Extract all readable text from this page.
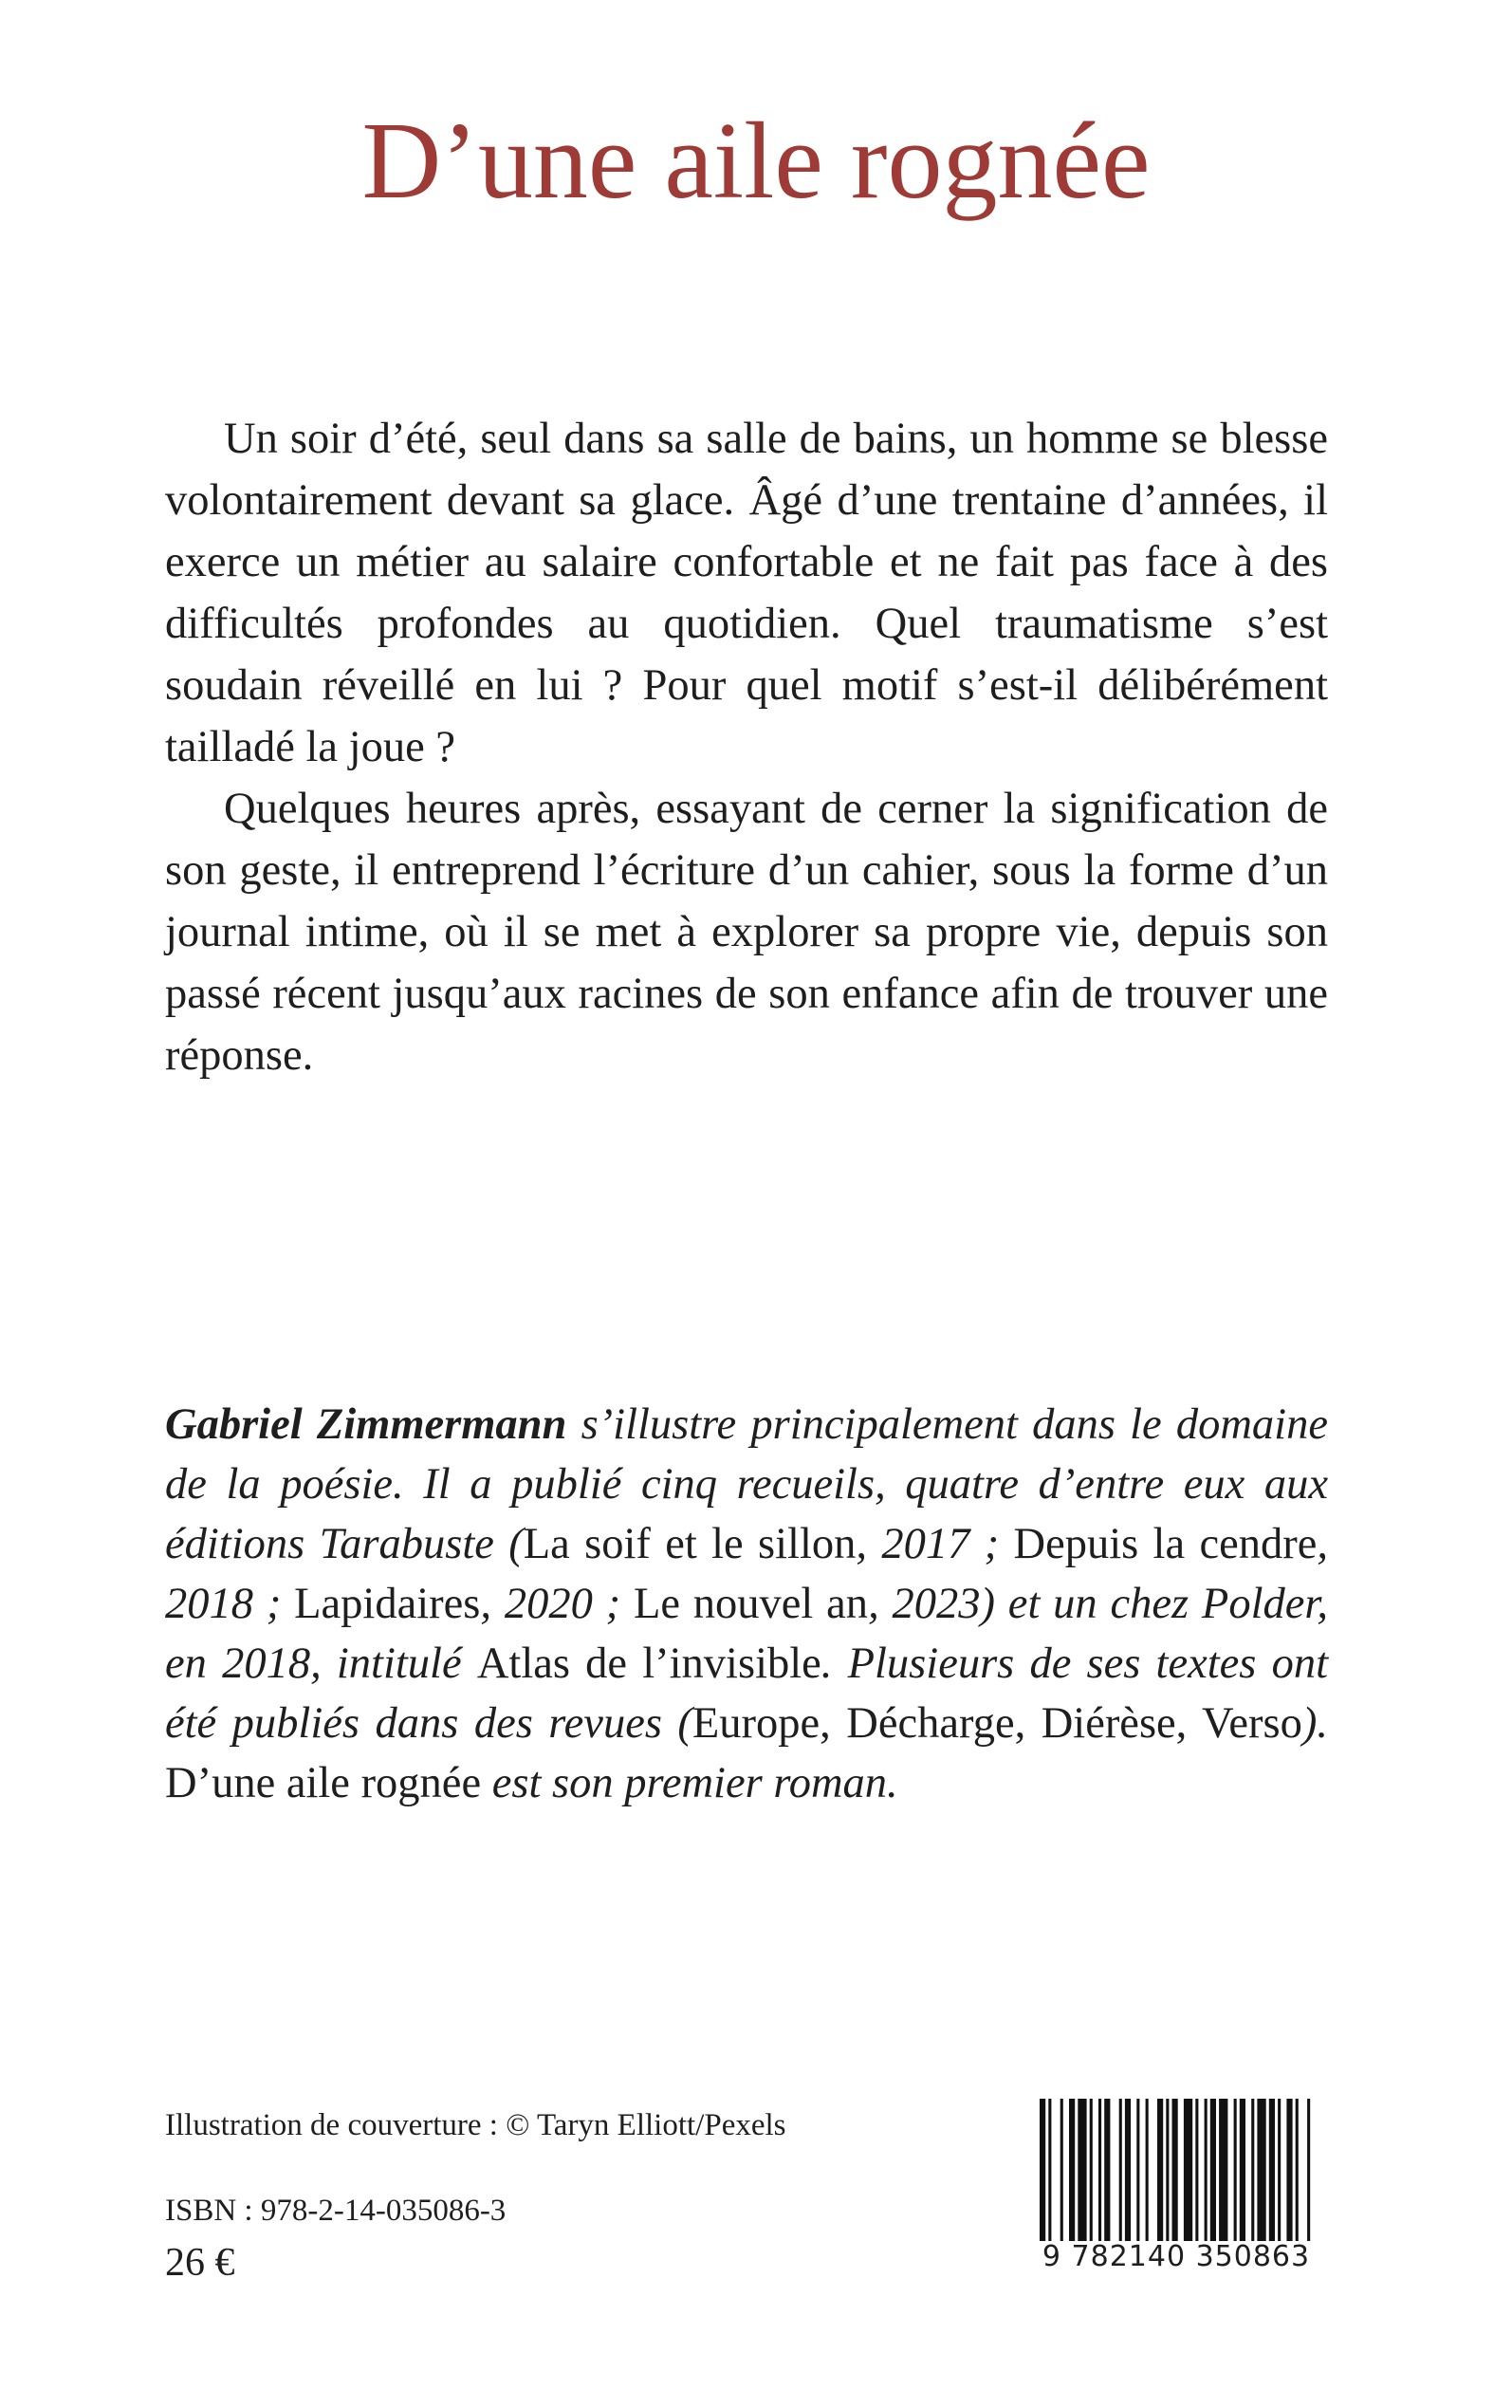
D’une aile rognée

Un soir d’été, seul dans sa salle de bains, un homme se blesse volontairement devant sa glace. Âgé d’une trentaine d’années, il exerce un métier au salaire confortable et ne fait pas face à des difficultés profondes au quotidien. Quel traumatisme s’est soudain réveillé en lui ? Pour quel motif s’est-il délibérément tailladé la joue ?

Quelques heures après, essayant de cerner la signification de son geste, il entreprend l’écriture d’un cahier, sous la forme d’un journal intime, où il se met à explorer sa propre vie, depuis son passé récent jusqu’aux racines de son enfance afin de trouver une réponse.

Gabriel Zimmermann s’illustre principalement dans le domaine de la poésie. Il a publié cinq recueils, quatre d’entre eux aux éditions Tarabuste (La soif et le sillon, 2017 ; Depuis la cendre, 2018 ; Lapidaires, 2020 ; Le nouvel an, 2023) et un chez Polder, en 2018, intitulé Atlas de l’invisible. Plusieurs de ses textes ont été publiés dans des revues (Europe, Décharge, Diérèse, Verso). D’une aile rognée est son premier roman.

Illustration de couverture : © Taryn Elliott/Pexels

ISBN : 978-2-14-035086-3

26 €	9 782140 350863
